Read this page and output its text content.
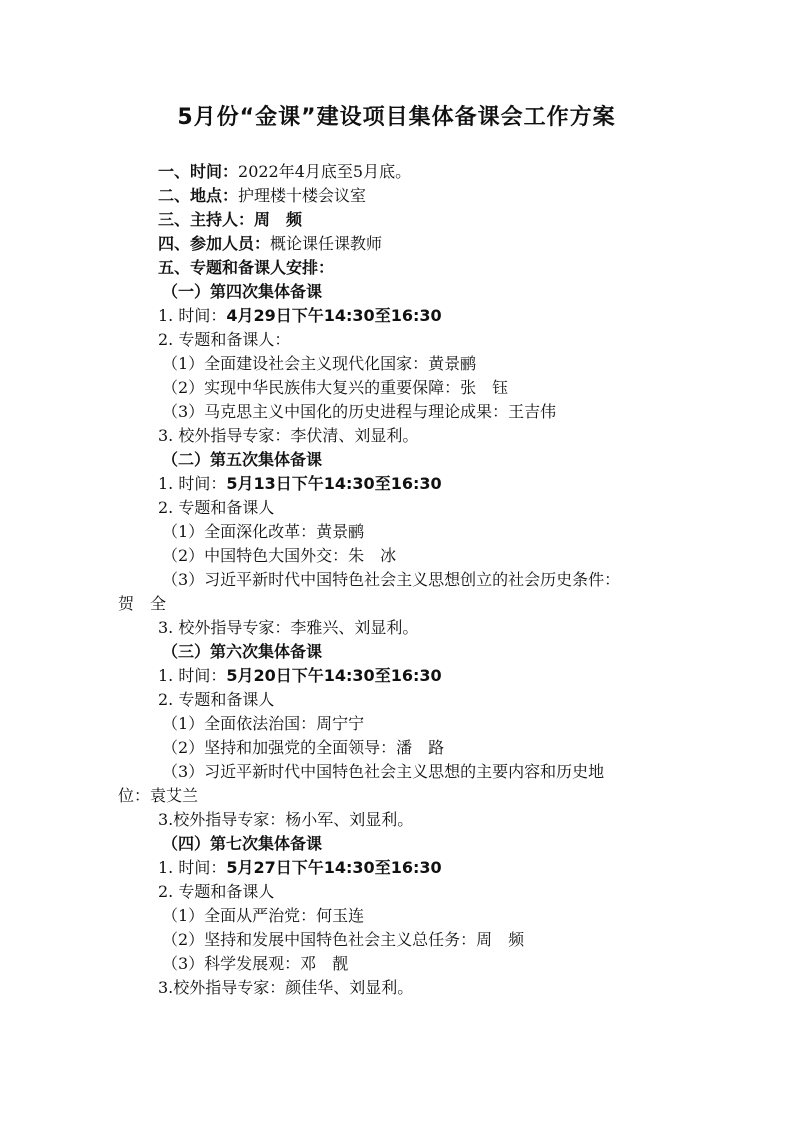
5月份“金课”建设项目集体备课会工作方案
一、时间：2022年4月底至5月底。
二、地点：护理楼十楼会议室
三、主持人：周　频
四、参加人员：概论课任课教师
五、专题和备课人安排：
（一）第四次集体备课
1. 时间：4月29日下午14:30至16:30
2. 专题和备课人：
（1）全面建设社会主义现代化国家：黄景鹂
（2）实现中华民族伟大复兴的重要保障：张　钰
（3）马克思主义中国化的历史进程与理论成果：王吉伟
3. 校外指导专家：李伏清、刘显利。
（二）第五次集体备课
1. 时间：5月13日下午14:30至16:30
2. 专题和备课人
（1）全面深化改革：黄景鹂
（2）中国特色大国外交：朱　冰
（3）习近平新时代中国特色社会主义思想创立的社会历史条件：
贺　全
3. 校外指导专家：李雅兴、刘显利。
（三）第六次集体备课
1. 时间：5月20日下午14:30至16:30
2. 专题和备课人
（1）全面依法治国：周宁宁
（2）坚持和加强党的全面领导：潘　路
（3）习近平新时代中国特色社会主义思想的主要内容和历史地
位：袁艾兰
3.校外指导专家：杨小军、刘显利。
（四）第七次集体备课
1. 时间：5月27日下午14:30至16:30
2. 专题和备课人
（1）全面从严治党：何玉连
（2）坚持和发展中国特色社会主义总任务：周　频
（3）科学发展观：邓　靓
3.校外指导专家：颜佳华、刘显利。
